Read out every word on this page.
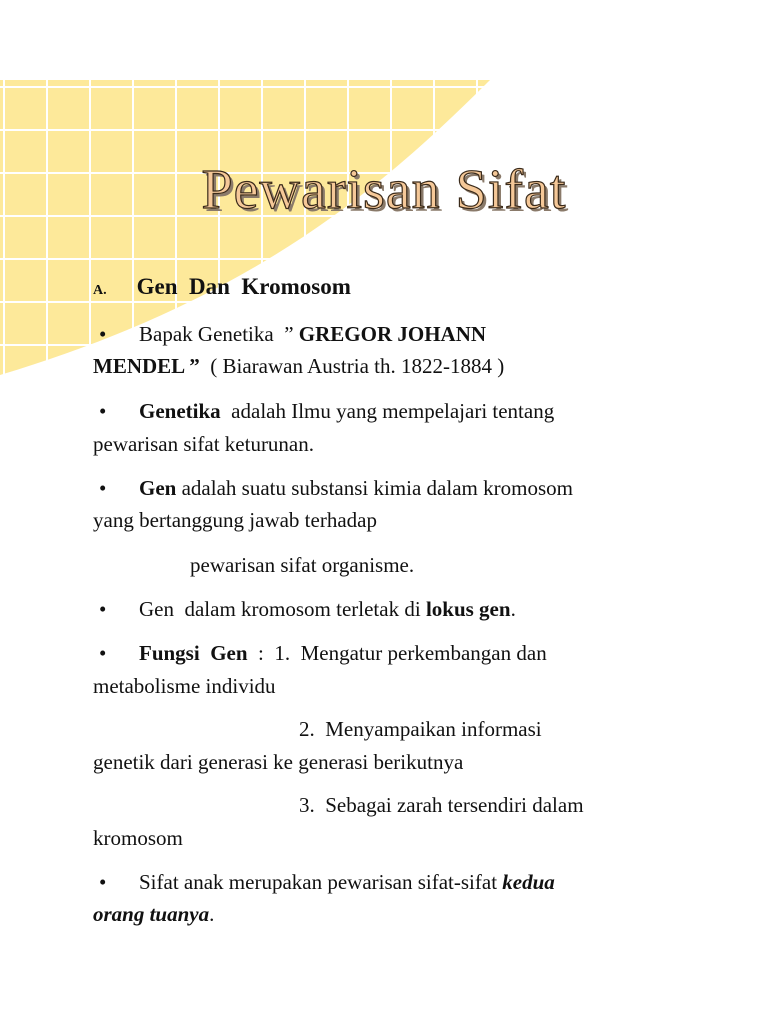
Pewarisan Sifat
A. Gen  Dan  Kromosom
• Bapak Genetika  ” GREGOR JOHANN
MENDEL ”  ( Biarawan Austria th. 1822-1884 )
• Genetika  adalah Ilmu yang mempelajari tentang
pewarisan sifat keturunan.
• Gen adalah suatu substansi kimia dalam kromosom
yang bertanggung jawab terhadap
pewarisan sifat organisme.
• Gen  dalam kromosom terletak di lokus gen.
• Fungsi  Gen  :  1.  Mengatur perkembangan dan
metabolisme individu
2.  Menyampaikan informasi
genetik dari generasi ke generasi berikutnya
3.  Sebagai zarah tersendiri dalam
kromosom
• Sifat anak merupakan pewarisan sifat-sifat kedua
orang tuanya.
